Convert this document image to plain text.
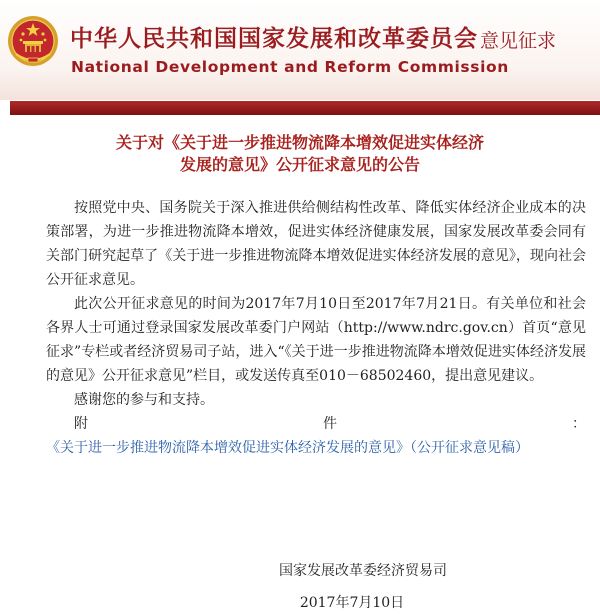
中华人民共和国国家发展和改革委员会
National Development and Reform Commission
意见征求
关于对《关于进一步推进物流降本增效促进实体经济
发展的意见》公开征求意见的公告

按照党中央、国务院关于深入推进供给侧结构性改革、降低实体经济企业成本的决策部署，为进一步推进物流降本增效，促进实体经济健康发展，国家发展改革委会同有关部门研究起草了《关于进一步推进物流降本增效促进实体经济发展的意见》，现向社会公开征求意见。

此次公开征求意见的时间为2017年7月10日至2017年7月21日。有关单位和社会各界人士可通过登录国家发展改革委门户网站（http://www.ndrc.gov.cn）首页“意见征求”专栏或者经济贸易司子站，进入“《关于进一步推进物流降本增效促进实体经济发展的意见》公开征求意见”栏目，或发送传真至010－68502460，提出意见建议。

感谢您的参与和支持。

附件：《关于进一步推进物流降本增效促进实体经济发展的意见》（公开征求意见稿）

国家发展改革委经济贸易司
2017年7月10日
